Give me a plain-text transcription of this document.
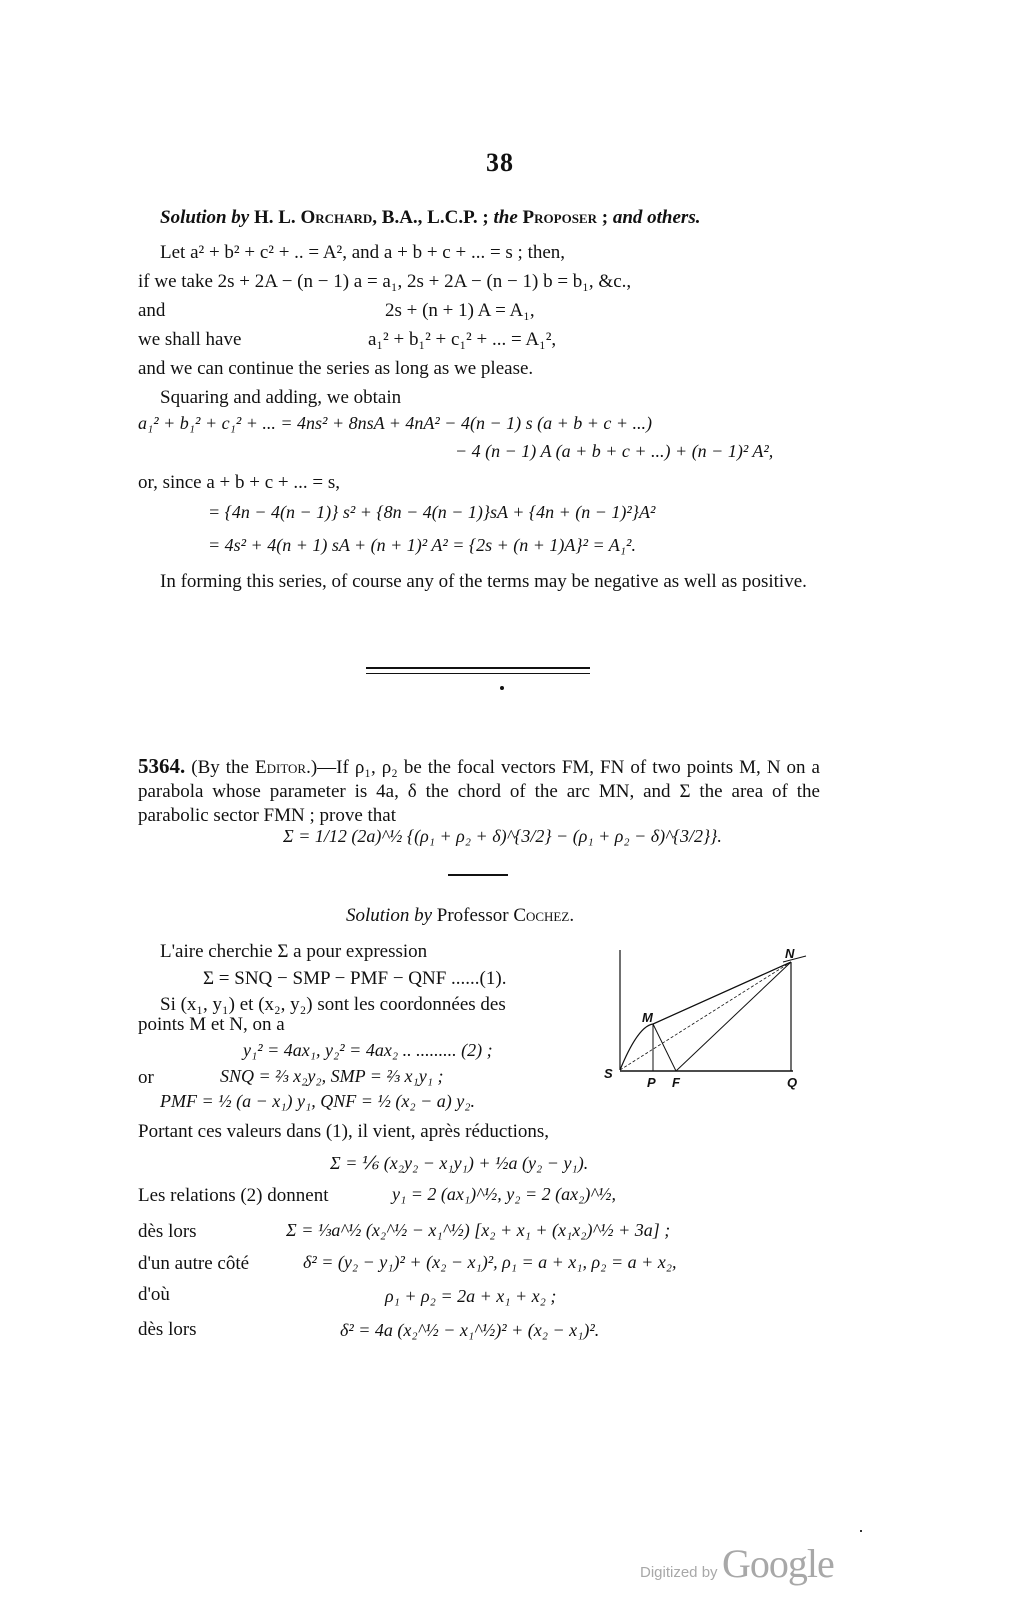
38
Solution by H. L. Orchard, B.A., L.C.P. ; the Proposer ; and others.
Let a² + b² + c² + .. = A², and a + b + c + ... = s ; then,
if we take 2s + 2A − (n − 1) a = a₁, 2s + 2A − (n − 1) b = b₁, &c.,
and	2s + (n + 1) A = A₁,
we shall have	a₁² + b₁² + c₁² + ... = A₁²,
and we can continue the series as long as we please.
Squaring and adding, we obtain
a₁² + b₁² + c₁² + ... = 4ns² + 8nsA + 4nA² − 4(n − 1) s (a + b + c + ...)
− 4 (n − 1) A (a + b + c + ...) + (n − 1)² A²,
or, since a + b + c + ... = s,
= {4n − 4(n − 1)} s² + {8n − 4(n − 1)}sA + {4n + (n − 1)²}A²
= 4s² + 4(n + 1) sA + (n + 1)² A² = {2s + (n + 1)A}² = A₁².
In forming this series, of course any of the terms may be negative as well as positive.
5364. (By the Editor.)—If ρ₁, ρ₂ be the focal vectors FM, FN of two points M, N on a parabola whose parameter is 4a, δ the chord of the arc MN, and Σ the area of the parabolic sector FMN ; prove that
Σ = 1/12 (2a)^½ {(ρ₁ + ρ₂ + δ)^{3/2} − (ρ₁ + ρ₂ − δ)^{3/2}}.
Solution by Professor Cochez.
L'aire cherchie Σ a pour expression
Σ = SNQ − SMP − PMF − QNF ......(1).
Si (x₁, y₁) et (x₂, y₂) sont les coordonnées des
points M et N, on a
y₁² = 4ax₁, y₂² = 4ax₂ .. ......... (2) ;
or	SNQ = ⅔ x₂y₂, SMP = ⅔ x₁y₁ ;
PMF = ½ (a − x₁) y₁, QNF = ½ (x₂ − a) y₂.
Portant ces valeurs dans (1), il vient, après réductions,
Σ = ⅙ (x₂y₂ − x₁y₁) + ½a (y₂ − y₁).
Les relations (2) donnent	y₁ = 2 (ax₁)^½, y₂ = 2 (ax₂)^½,
dès lors	Σ = ⅓a^½ (x₂^½ − x₁^½) [x₂ + x₁ + (x₁x₂)^½ + 3a] ;
d'un autre côté	δ² = (y₂ − y₁)² + (x₂ − x₁)², ρ₁ = a + x₁, ρ₂ = a + x₂,
d'où	ρ₁ + ρ₂ = 2a + x₁ + x₂ ;
dès lors	δ² = 4a (x₂^½ − x₁^½)² + (x₂ − x₁)².
N
M
S
P F	Q
Digitized by Google
